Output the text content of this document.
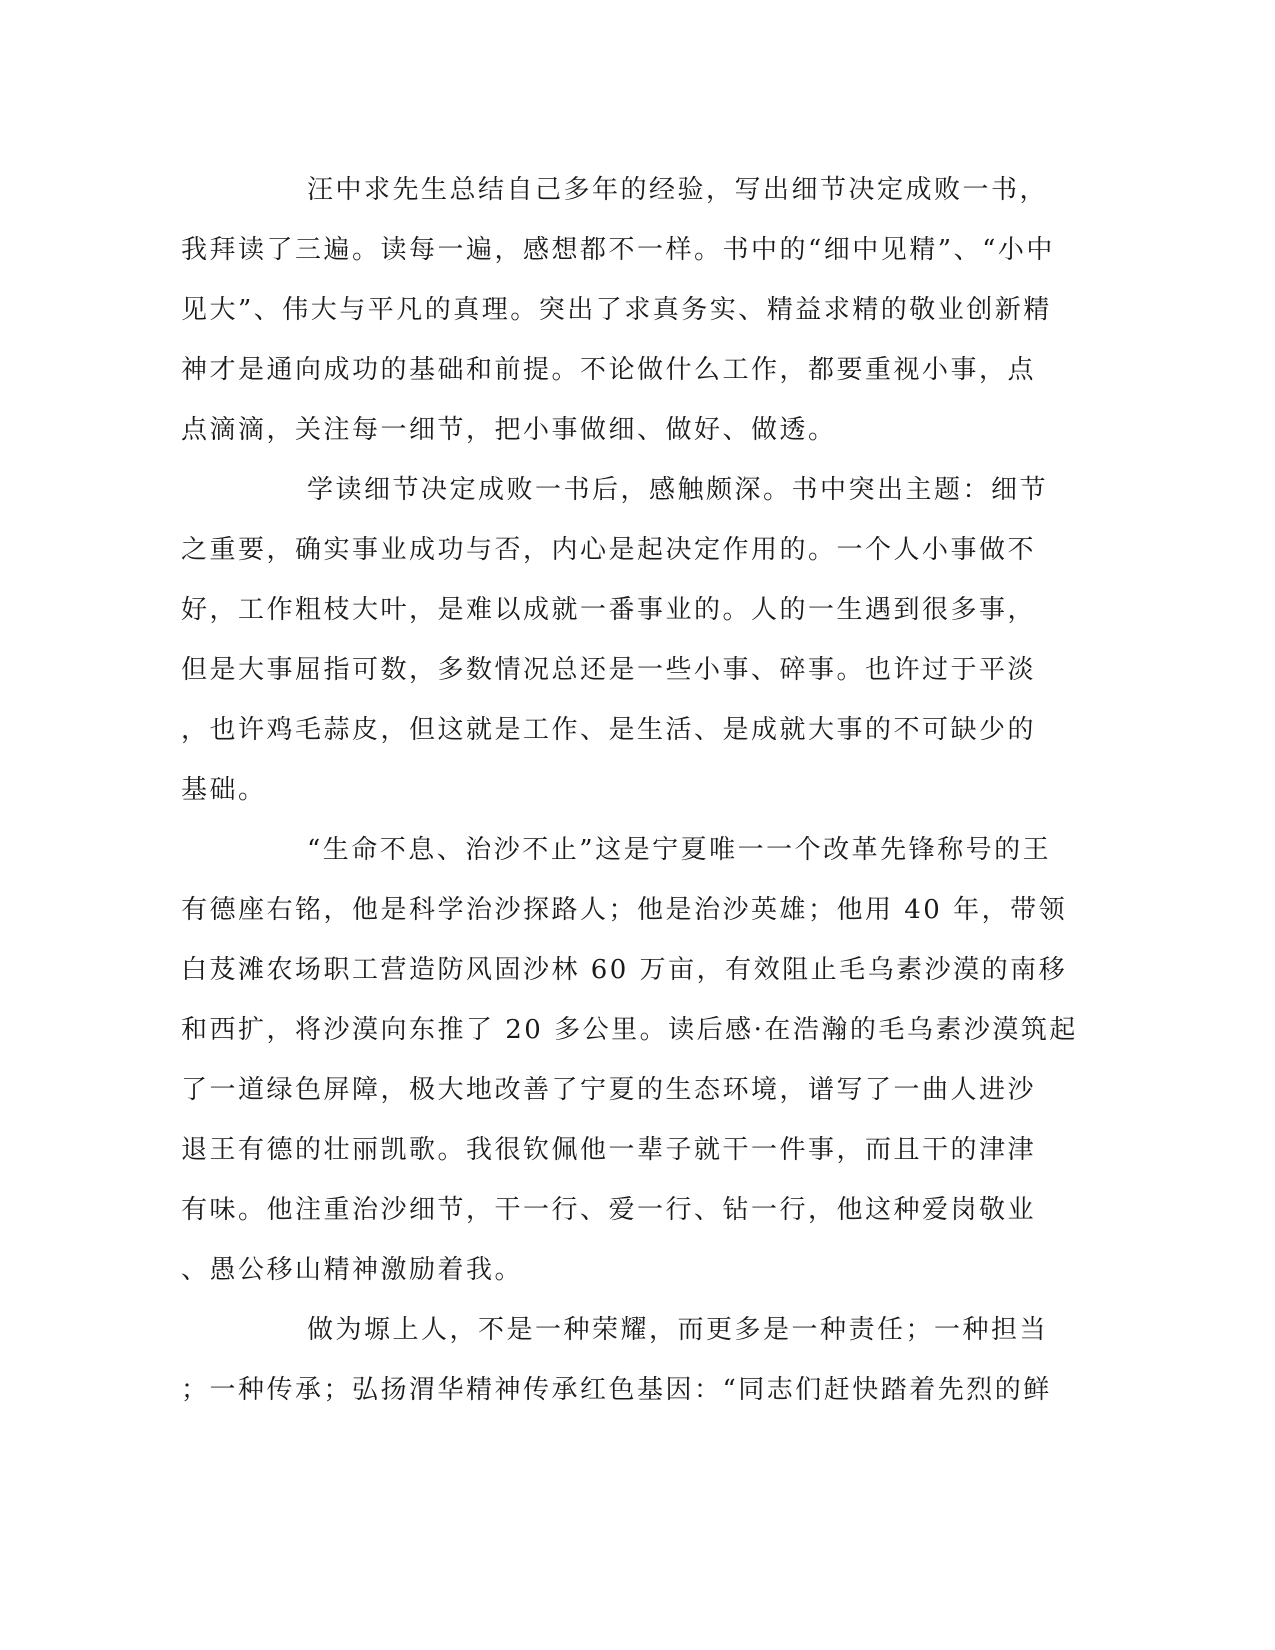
汪中求先生总结自己多年的经验，写出细节决定成败一书，
我拜读了三遍。读每一遍，感想都不一样。书中的“细中见精”、“小中
见大”、伟大与平凡的真理。突出了求真务实、精益求精的敬业创新精
神才是通向成功的基础和前提。不论做什么工作，都要重视小事，点
点滴滴，关注每一细节，把小事做细、做好、做透。
学读细节决定成败一书后，感触颇深。书中突出主题：细节
之重要，确实事业成功与否，内心是起决定作用的。一个人小事做不
好，工作粗枝大叶，是难以成就一番事业的。人的一生遇到很多事，
但是大事屈指可数，多数情况总还是一些小事、碎事。也许过于平淡
，也许鸡毛蒜皮，但这就是工作、是生活、是成就大事的不可缺少的
基础。
“生命不息、治沙不止”这是宁夏唯一一个改革先锋称号的王
有德座右铭，他是科学治沙探路人；他是治沙英雄；他用 40 年，带领
白芨滩农场职工营造防风固沙林 60 万亩，有效阻止毛乌素沙漠的南移
和西扩，将沙漠向东推了 20 多公里。读后感·在浩瀚的毛乌素沙漠筑起
了一道绿色屏障，极大地改善了宁夏的生态环境，谱写了一曲人进沙
退王有德的壮丽凯歌。我很钦佩他一辈子就干一件事，而且干的津津
有味。他注重治沙细节，干一行、爱一行、钻一行，他这种爱岗敬业
、愚公移山精神激励着我。
做为塬上人，不是一种荣耀，而更多是一种责任；一种担当
；一种传承；弘扬渭华精神传承红色基因：“同志们赶快踏着先烈的鲜
